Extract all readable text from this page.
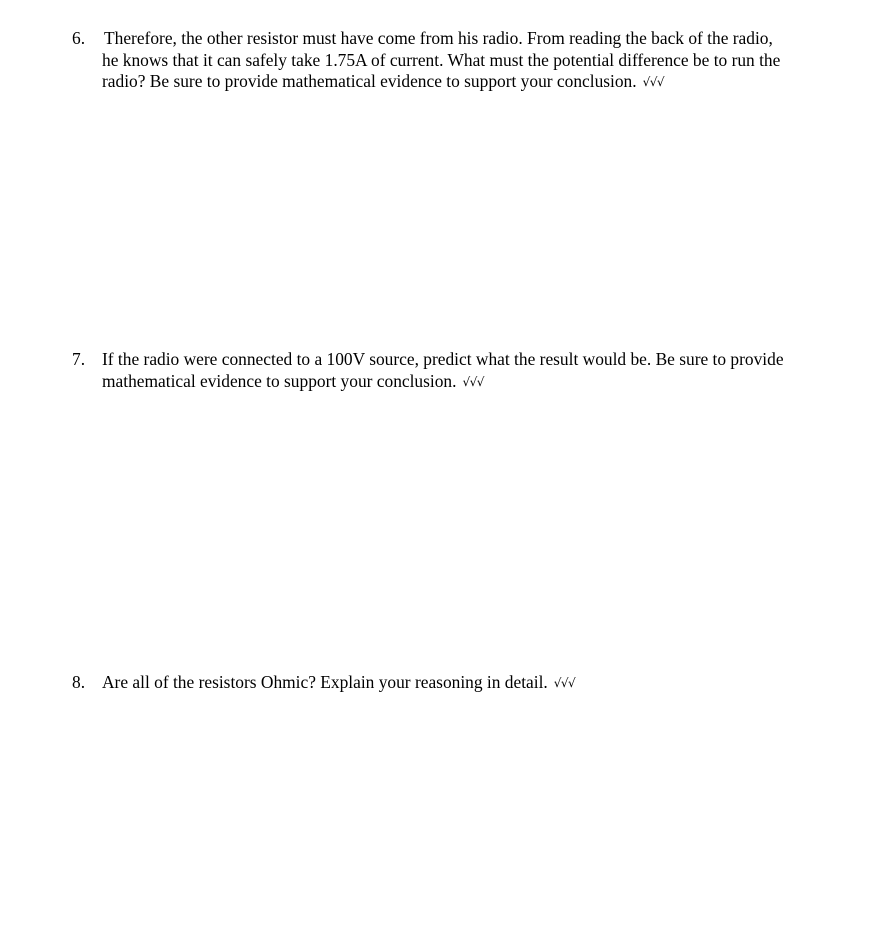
6.	Therefore, the other resistor must have come from his radio. From reading the back of the radio,
he knows that it can safely take 1.75A of current. What must the potential difference be to run the
radio? Be sure to provide mathematical evidence to support your conclusion. √√√
7. If the radio were connected to a 100V source, predict what the result would be. Be sure to provide
mathematical evidence to support your conclusion. √√√
8. Are all of the resistors Ohmic? Explain your reasoning in detail. √√√
